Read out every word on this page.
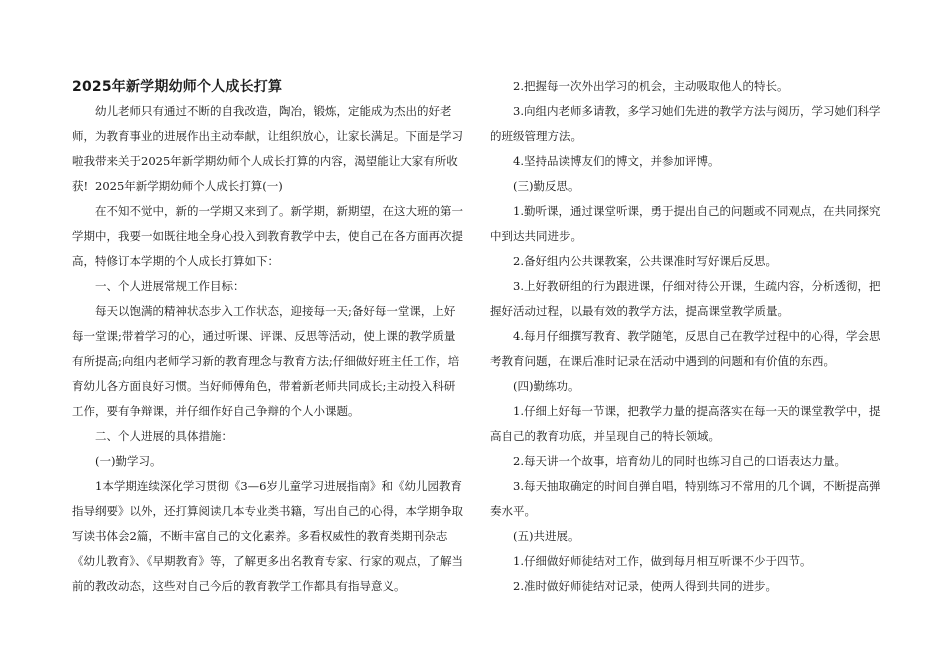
2025年新学期幼师个人成长打算

幼儿老师只有通过不断的自我改造，陶冶，锻炼，定能成为杰出的好老师，为教育事业的进展作出主动奉献，让组织放心，让家长满足。下面是学习啦我带来关于2025年新学期幼师个人成长打算的内容，渴望能让大家有所收获! 2025年新学期幼师个人成长打算(一)

在不知不觉中，新的一学期又来到了。新学期，新期望，在这大班的第一学期中，我要一如既往地全身心投入到教育教学中去，使自己在各方面再次提高，特修订本学期的个人成长打算如下：

一、个人进展常规工作目标：

每天以饱满的精神状态步入工作状态，迎接每一天;备好每一堂课，上好每一堂课;带着学习的心，通过听课、评课、反思等活动，使上课的教学质量有所提高;向组内老师学习新的教育理念与教育方法;仔细做好班主任工作，培育幼儿各方面良好习惯。当好师傅角色，带着新老师共同成长;主动投入科研工作，要有争辩课，并仔细作好自己争辩的个人小课题。

二、个人进展的具体措施：

(一)勤学习。

1本学期连续深化学习贯彻《3—6岁儿童学习进展指南》和《幼儿园教育指导纲要》以外，还打算阅读几本专业类书籍，写出自己的心得，本学期争取写读书体会2篇，不断丰富自己的文化素养。多看权威性的教育类期刊杂志《幼儿教育》、《早期教育》等，了解更多出名教育专家、行家的观点，了解当前的教改动态，这些对自己今后的教育教学工作都具有指导意义。

2.把握每一次外出学习的机会，主动吸取他人的特长。

3.向组内老师多请教，多学习她们先进的教学方法与阅历，学习她们科学的班级管理方法。

4.坚持品读博友们的博文，并参加评博。

(三)勤反思。

1.勤听课，通过课堂听课，勇于提出自己的问题或不同观点，在共同探究中到达共同进步。

2.备好组内公共课教案，公共课准时写好课后反思。

3.上好教研组的行为跟进课，仔细对待公开课，生疏内容，分析透彻，把握好活动过程，以最有效的教学方法，提高课堂教学质量。

4.每月仔细撰写教育、教学随笔，反思自己在教学过程中的心得，学会思考教育问题，在课后准时记录在活动中遇到的问题和有价值的东西。

(四)勤练功。

1.仔细上好每一节课，把教学力量的提高落实在每一天的课堂教学中，提高自己的教育功底，并呈现自己的特长领域。

2.每天讲一个故事，培育幼儿的同时也练习自己的口语表达力量。

3.每天抽取确定的时间自弹自唱，特别练习不常用的几个调，不断提高弹奏水平。

(五)共进展。

1.仔细做好师徒结对工作，做到每月相互听课不少于四节。

2.准时做好师徒结对记录，使两人得到共同的进步。
